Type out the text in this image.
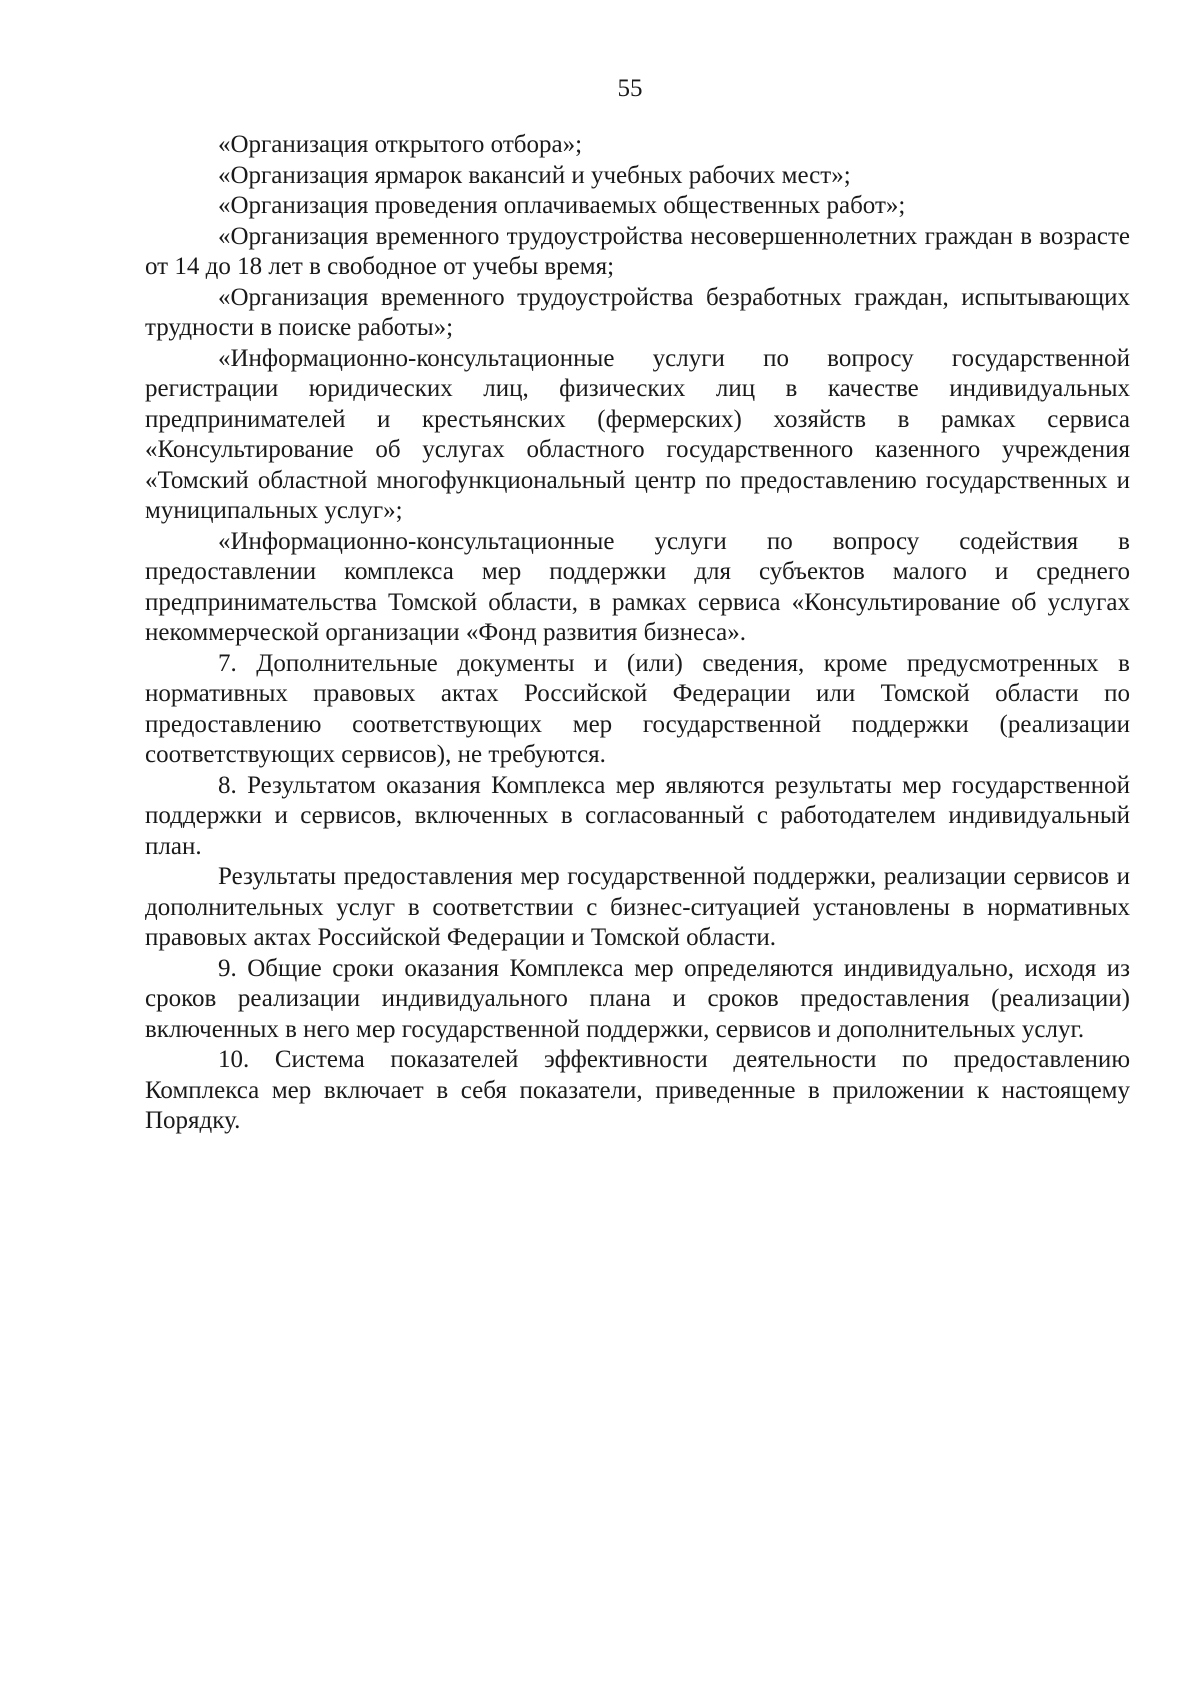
55

«Организация открытого отбора»;

«Организация ярмарок вакансий и учебных рабочих мест»;

«Организация проведения оплачиваемых общественных работ»;

«Организация временного трудоустройства несовершеннолетних граждан в возрасте от 14 до 18 лет в свободное от учебы время;

«Организация временного трудоустройства безработных граждан, испытывающих трудности в поиске работы»;

«Информационно-консультационные услуги по вопросу государственной регистрации юридических лиц, физических лиц в качестве индивидуальных предпринимателей и крестьянских (фермерских) хозяйств в рамках сервиса «Консультирование об услугах областного государственного казенного учреждения «Томский областной многофункциональный центр по предоставлению государственных и муниципальных услуг»;

«Информационно-консультационные услуги по вопросу содействия в предоставлении комплекса мер поддержки для субъектов малого и среднего предпринимательства Томской области, в рамках сервиса «Консультирование об услугах некоммерческой организации «Фонд развития бизнеса».

7. Дополнительные документы и (или) сведения, кроме предусмотренных в нормативных правовых актах Российской Федерации или Томской области по предоставлению соответствующих мер государственной поддержки (реализации соответствующих сервисов), не требуются.

8. Результатом оказания Комплекса мер являются результаты мер государственной поддержки и сервисов, включенных в согласованный с работодателем индивидуальный план.

Результаты предоставления мер государственной поддержки, реализации сервисов и дополнительных услуг в соответствии с бизнес-ситуацией установлены в нормативных правовых актах Российской Федерации и Томской области.

9. Общие сроки оказания Комплекса мер определяются индивидуально, исходя из сроков реализации индивидуального плана и сроков предоставления (реализации) включенных в него мер государственной поддержки, сервисов и дополнительных услуг.

10. Система показателей эффективности деятельности по предоставлению Комплекса мер включает в себя показатели, приведенные в приложении к настоящему Порядку.
